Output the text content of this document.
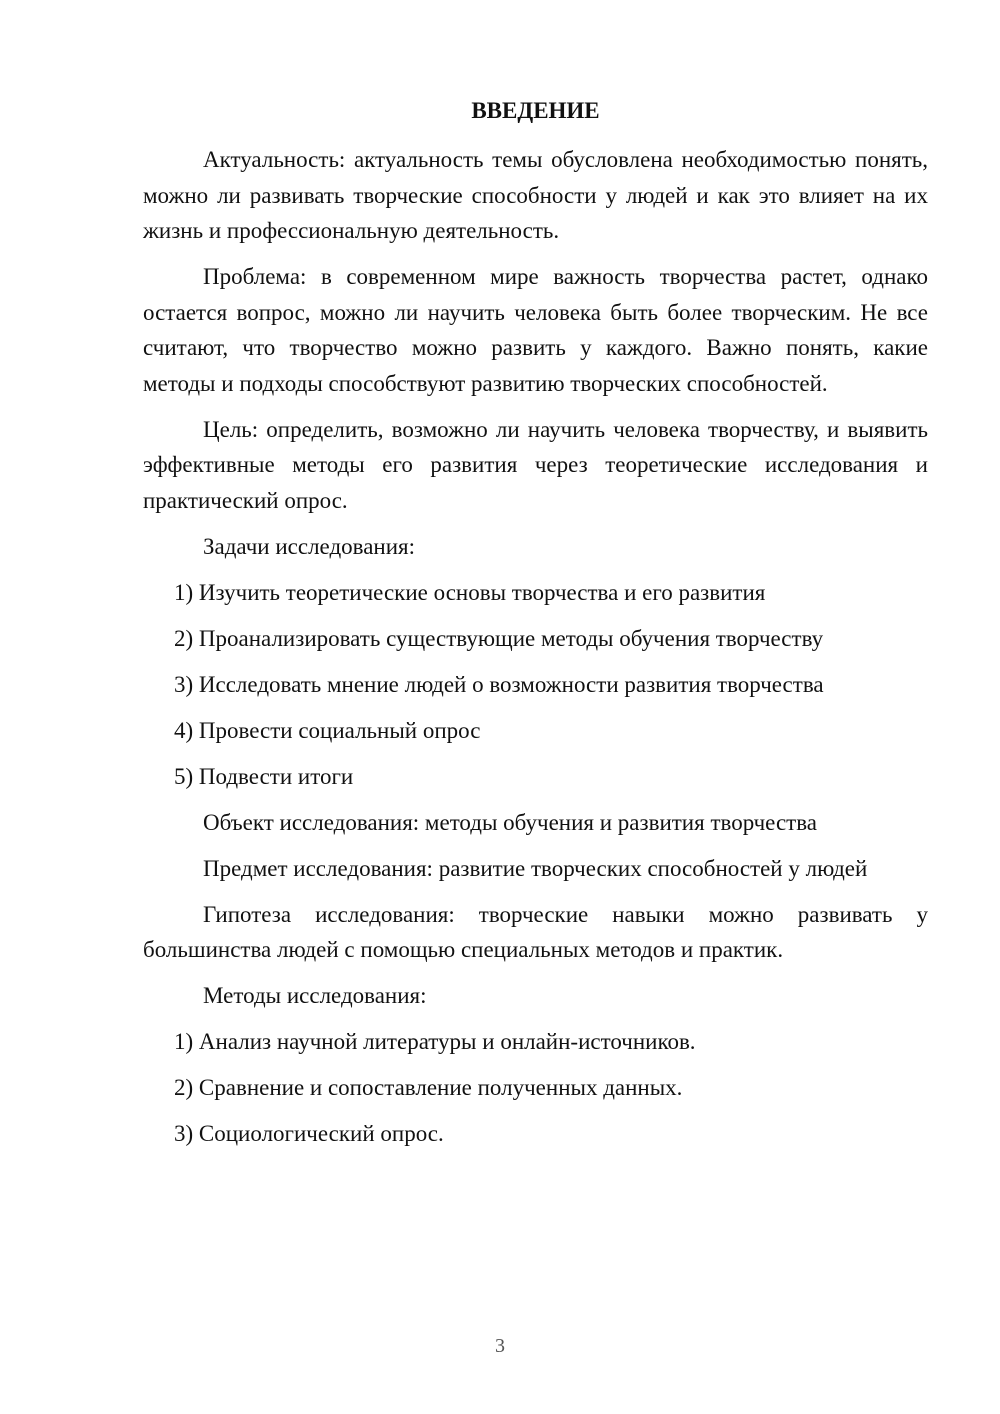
ВВЕДЕНИЕ

Актуальность: актуальность темы обусловлена необходимостью понять, можно ли развивать творческие способности у людей и как это влияет на их жизнь и профессиональную деятельность.

Проблема: в современном мире важность творчества растет, однако остается вопрос, можно ли научить человека быть более творческим. Не все считают, что творчество можно развить у каждого. Важно понять, какие методы и подходы способствуют развитию творческих способностей.

Цель: определить, возможно ли научить человека творчеству, и выявить эффективные методы его развития через теоретические исследования и практический опрос.

Задачи исследования:

1) Изучить теоретические основы творчества и его развития

2) Проанализировать существующие методы обучения творчеству

3) Исследовать мнение людей о возможности развития творчества

4) Провести социальный опрос

5) Подвести итоги

Объект исследования: методы обучения и развития творчества

Предмет исследования: развитие творческих способностей у людей

Гипотеза исследования: творческие навыки можно развивать у большинства людей с помощью специальных методов и практик.

Методы исследования:

1) Анализ научной литературы и онлайн-источников.

2) Сравнение и сопоставление полученных данных.

3) Социологический опрос.

3
